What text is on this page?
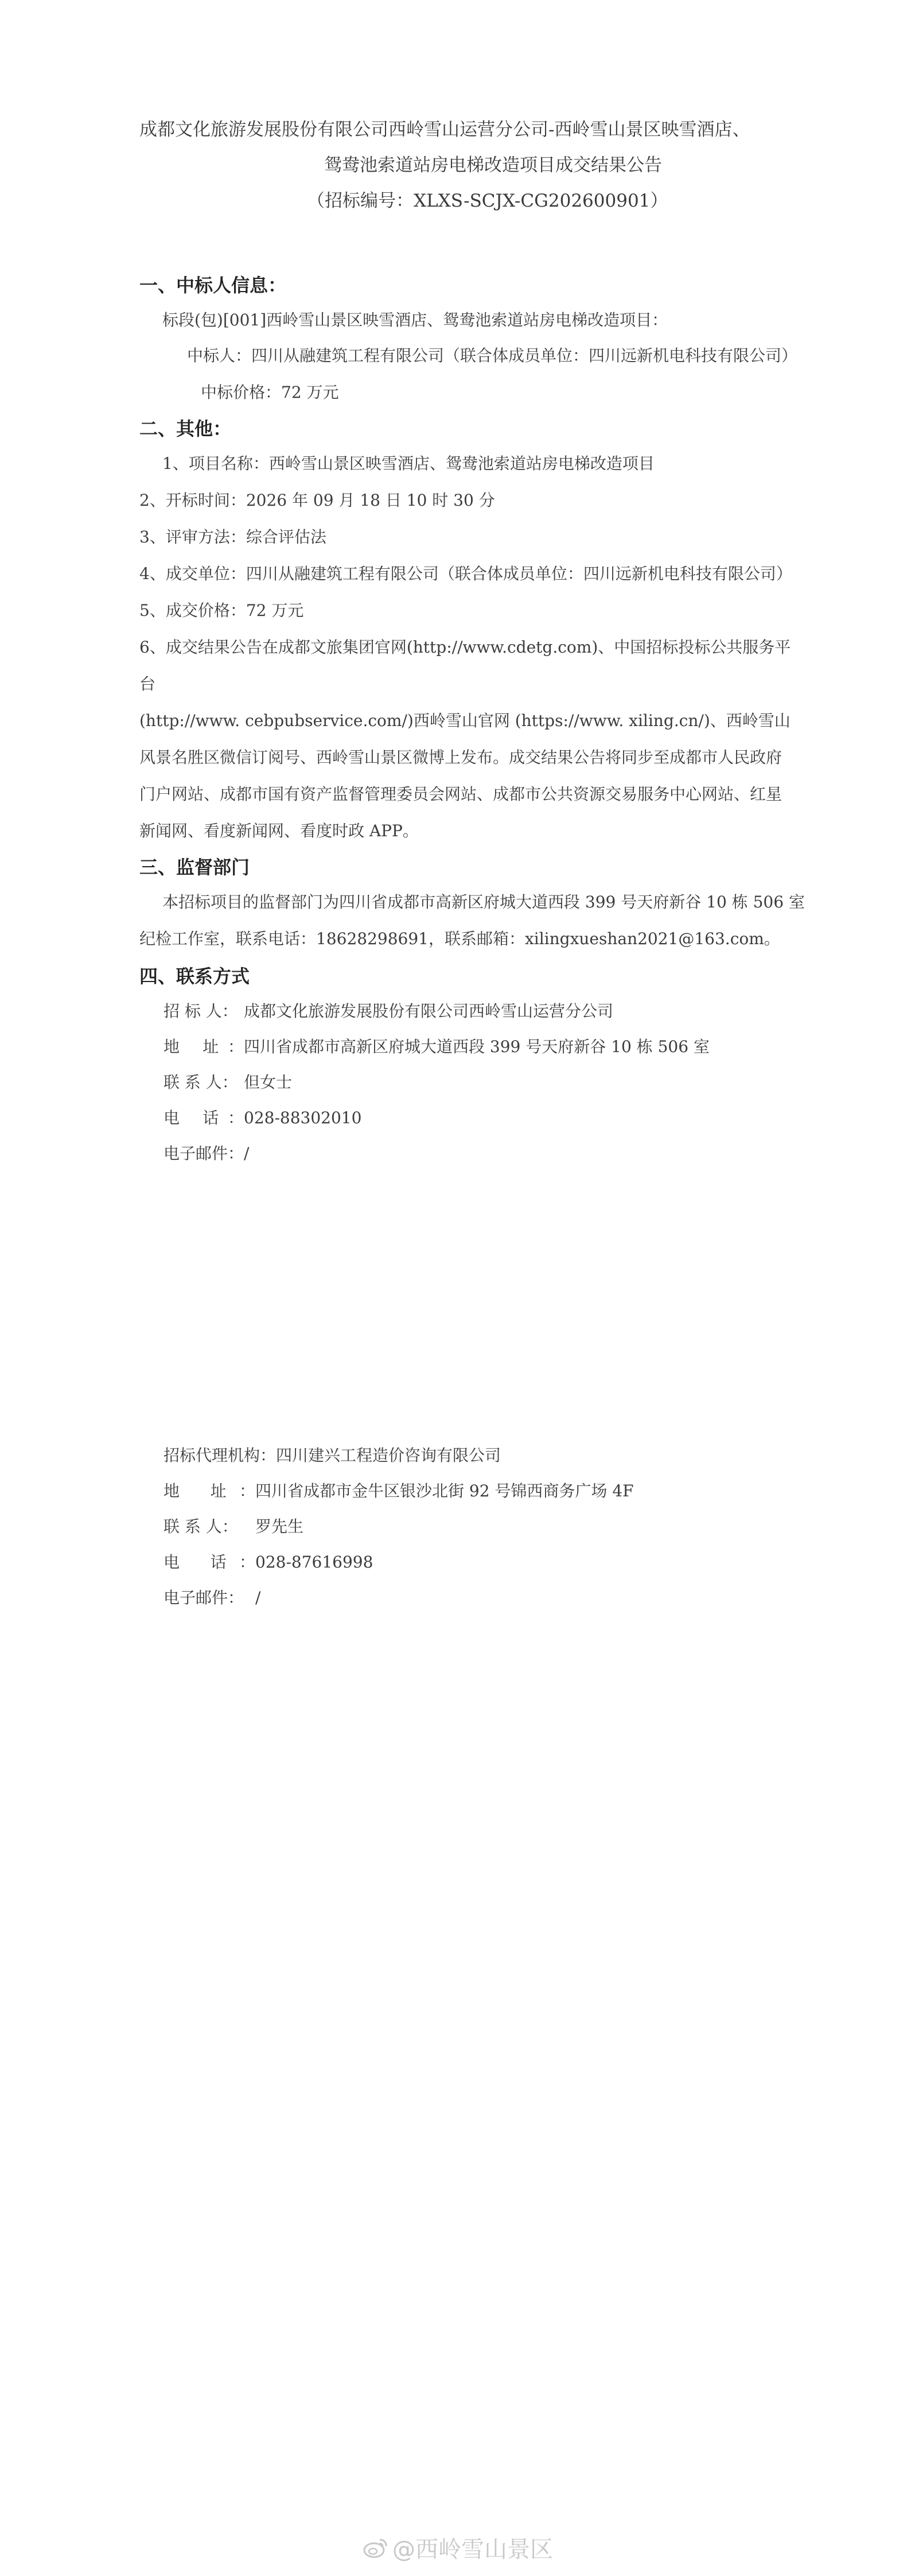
成都文化旅游发展股份有限公司西岭雪山运营分公司-西岭雪山景区映雪酒店、
鸳鸯池索道站房电梯改造项目成交结果公告
（招标编号：XLXS-SCJX-CG202600901）
一、中标人信息：
标段(包)[001]西岭雪山景区映雪酒店、鸳鸯池索道站房电梯改造项目：
中标人：四川从融建筑工程有限公司（联合体成员单位：四川远新机电科技有限公司）
中标价格：72 万元
二、其他：
1、项目名称：西岭雪山景区映雪酒店、鸳鸯池索道站房电梯改造项目
2、开标时间：2026 年 09 月 18 日 10 时 30 分
3、评审方法：综合评估法
4、成交单位：四川从融建筑工程有限公司（联合体成员单位：四川远新机电科技有限公司）
5、成交价格：72 万元
6、成交结果公告在成都文旅集团官网(http://www.cdetg.com)、中国招标投标公共服务平
台
(http://www. cebpubservice.com/)西岭雪山官网 (https://www. xiling.cn/)、西岭雪山
风景名胜区微信订阅号、西岭雪山景区微博上发布。成交结果公告将同步至成都市人民政府
门户网站、成都市国有资产监督管理委员会网站、成都市公共资源交易服务中心网站、红星
新闻网、看度新闻网、看度时政 APP。
三、监督部门
本招标项目的监督部门为四川省成都市高新区府城大道西段 399 号天府新谷 10 栋 506 室
纪检工作室，联系电话：18628298691，联系邮箱：xilingxueshan2021@163.com。
四、联系方式
招 标 人： 成都文化旅游发展股份有限公司西岭雪山运营分公司
地 址：四川省成都市高新区府城大道西段 399 号天府新谷 10 栋 506 室
联 系 人： 但女士
电 话：028-88302010
电子邮件：/
招标代理机构：四川建兴工程造价咨询有限公司
地 址：四川省成都市金牛区银沙北街 92 号锦西商务广场 4F
联 系 人： 罗先生
电 话：028-87616998
电子邮件： /
@西岭雪山景区
